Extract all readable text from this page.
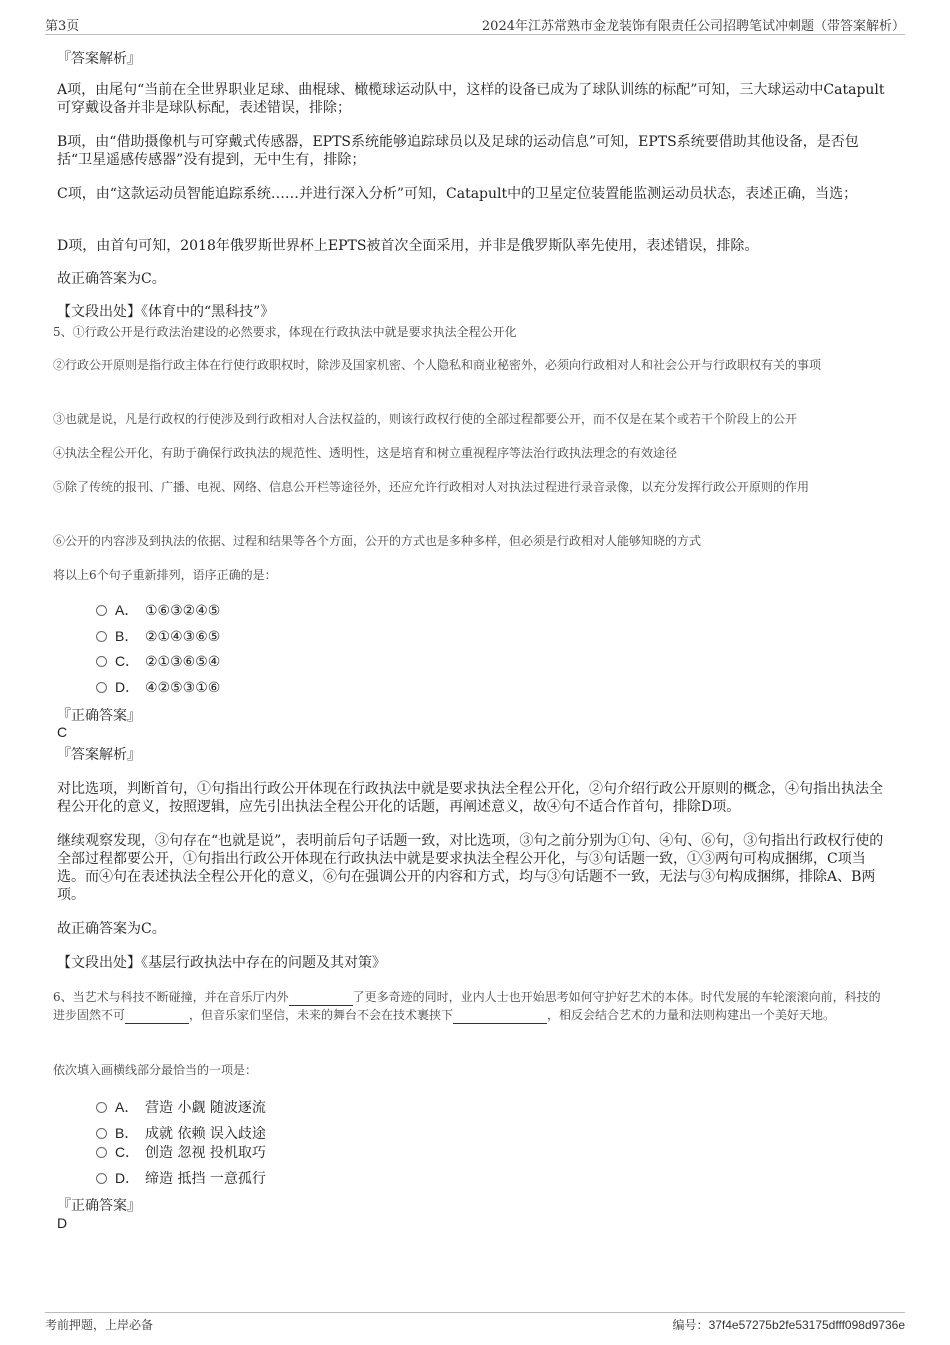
第3页	2024年江苏常熟市金龙装饰有限责任公司招聘笔试冲刺题（带答案解析）
『答案解析』
A项，由尾句“当前在全世界职业足球、曲棍球、橄榄球运动队中，这样的设备已成为了球队训练的标配”可知，三大球运动中Catapult可穿戴设备并非是球队标配，表述错误，排除；
B项，由“借助摄像机与可穿戴式传感器，EPTS系统能够追踪球员以及足球的运动信息”可知，EPTS系统要借助其他设备，是否包括“卫星遥感传感器”没有提到，无中生有，排除；
C项，由“这款运动员智能追踪系统……并进行深入分析”可知，Catapult中的卫星定位装置能监测运动员状态，表述正确，当选；
D项，由首句可知，2018年俄罗斯世界杯上EPTS被首次全面采用，并非是俄罗斯队率先使用，表述错误，排除。
故正确答案为C。
【文段出处】《体育中的“黑科技”》
5、①行政公开是行政法治建设的必然要求，体现在行政执法中就是要求执法全程公开化
②行政公开原则是指行政主体在行使行政职权时，除涉及国家机密、个人隐私和商业秘密外，必须向行政相对人和社会公开与行政职权有关的事项
③也就是说，凡是行政权的行使涉及到行政相对人合法权益的，则该行政权行使的全部过程都要公开，而不仅是在某个或若干个阶段上的公开
④执法全程公开化，有助于确保行政执法的规范性、透明性，这是培育和树立重视程序等法治行政执法理念的有效途径
⑤除了传统的报刊、广播、电视、网络、信息公开栏等途径外，还应允许行政相对人对执法过程进行录音录像，以充分发挥行政公开原则的作用
⑥公开的内容涉及到执法的依据、过程和结果等各个方面，公开的方式也是多种多样，但必须是行政相对人能够知晓的方式
将以上6个句子重新排列，语序正确的是：
A． ①⑥③②④⑤
B． ②①④③⑥⑤
C． ②①③⑥⑤④
D． ④②⑤③①⑥
『正确答案』
C
『答案解析』
对比选项，判断首句，①句指出行政公开体现在行政执法中就是要求执法全程公开化，②句介绍行政公开原则的概念，④句指出执法全程公开化的意义，按照逻辑，应先引出执法全程公开化的话题，再阐述意义，故④句不适合作首句，排除D项。
继续观察发现，③句存在“也就是说”，表明前后句子话题一致，对比选项，③句之前分别为①句、④句、⑥句，③句指出行政权行使的全部过程都要公开，①句指出行政公开体现在行政执法中就是要求执法全程公开化，与③句话题一致，①③两句可构成捆绑，C项当选。而④句在表述执法全程公开化的意义，⑥句在强调公开的内容和方式，均与③句话题不一致，无法与③句构成捆绑，排除A、B两项。
故正确答案为C。
【文段出处】《基层行政执法中存在的问题及其对策》
6、当艺术与科技不断碰撞，并在音乐厅内外	了更多奇迹的同时，业内人士也开始思考如何守护好艺术的本体。时代发展的车轮滚滚向前，科技的进步固然不可	，但音乐家们坚信，未来的舞台不会在技术裹挟下	，相反会结合艺术的力量和法则构建出一个美好天地。
依次填入画横线部分最恰当的一项是：
A． 营造 小觑 随波逐流
B． 成就 依赖 误入歧途
C． 创造 忽视 投机取巧
D． 缔造 抵挡 一意孤行
『正确答案』
D
考前押题，上岸必备	编号：37f4e57275b2fe53175dfff098d9736e
